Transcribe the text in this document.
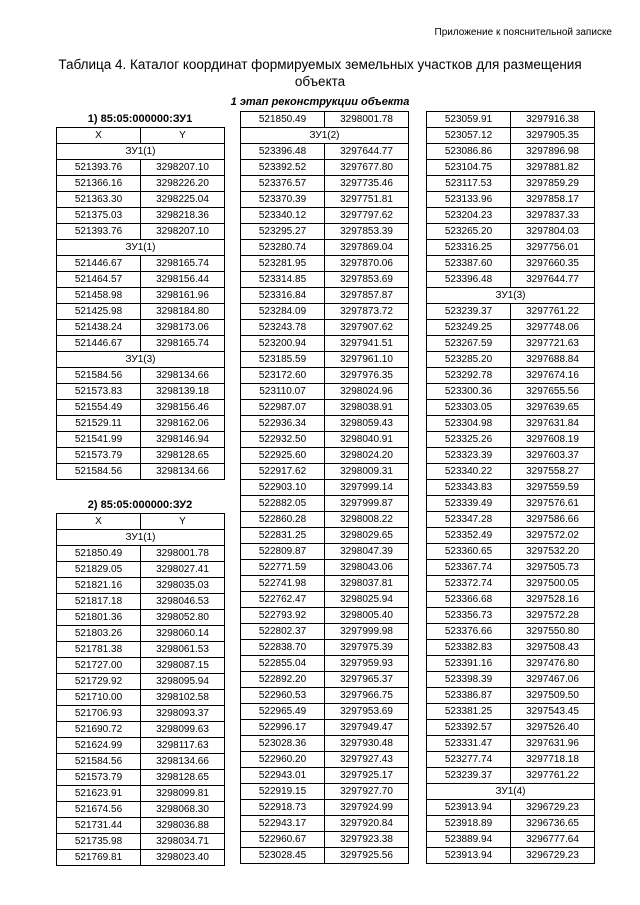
Приложение к пояснительной записке
Таблица 4. Каталог координат формируемых земельных участков для размещения объекта
1 этап реконструкции объекта
1) 85:05:000000:ЗУ1
X	Y
ЗУ1(1)	
521393.76	3298207.10
521366.16	3298226.20
521363.30	3298225.04
521375.03	3298218.36
521393.76	3298207.10
ЗУ1(1)	
521446.67	3298165.74
521464.57	3298156.44
521458.98	3298161.96
521425.98	3298184.80
521438.24	3298173.06
521446.67	3298165.74
ЗУ1(3)	
521584.56	3298134.66
521573.83	3298139.18
521554.49	3298156.46
521529.11	3298162.06
521541.99	3298146.94
521573.79	3298128.65
521584.56	3298134.66
2) 85:05:000000:ЗУ2
X	Y
ЗУ1(1)	
521850.49	3298001.78
521829.05	3298027.41
521821.16	3298035.03
521817.18	3298046.53
521801.36	3298052.80
521803.26	3298060.14
521781.38	3298061.53
521727.00	3298087.15
521729.92	3298095.94
521710.00	3298102.58
521706.93	3298093.37
521690.72	3298099.63
521624.99	3298117.63
521584.56	3298134.66
521573.79	3298128.65
521623.91	3298099.81
521674.56	3298068.30
521731.44	3298036.88
521735.98	3298034.71
521769.81	3298023.40
521850.49	3298001.78
ЗУ1(2)	
523396.48	3297644.77
523392.52	3297677.80
523376.57	3297735.46
523370.39	3297751.81
523340.12	3297797.62
523295.27	3297853.39
523280.74	3297869.04
523281.95	3297870.06
523314.85	3297853.69
523316.84	3297857.87
523284.09	3297873.72
523243.78	3297907.62
523200.94	3297941.51
523185.59	3297961.10
523172.60	3297976.35
523110.07	3298024.96
522987.07	3298038.91
522936.34	3298059.43
522932.50	3298040.91
522925.60	3298024.20
522917.62	3298009.31
522903.10	3297999.14
522882.05	3297999.87
522860.28	3298008.22
522831.25	3298029.65
522809.87	3298047.39
522771.59	3298043.06
522741.98	3298037.81
522762.47	3298025.94
522793.92	3298005.40
522802.37	3297999.98
522838.70	3297975.39
522855.04	3297959.93
522892.20	3297965.37
522960.53	3297966.75
522965.49	3297953.69
522996.17	3297949.47
523028.36	3297930.48
522960.20	3297927.43
522943.01	3297925.17
522919.15	3297927.70
522918.73	3297924.99
522943.17	3297920.84
522960.67	3297923.38
523028.45	3297925.56
523059.91	3297916.38
523057.12	3297905.35
523086.86	3297896.98
523104.75	3297881.82
523117.53	3297859.29
523133.96	3297858.17
523204.23	3297837.33
523265.20	3297804.03
523316.25	3297756.01
523387.60	3297660.35
523396.48	3297644.77
ЗУ1(3)	
523239.37	3297761.22
523249.25	3297748.06
523267.59	3297721.63
523285.20	3297688.84
523292.78	3297674.16
523300.36	3297655.56
523303.05	3297639.65
523304.98	3297631.84
523325.26	3297608.19
523323.39	3297603.37
523340.22	3297558.27
523343.83	3297559.59
523339.49	3297576.61
523347.28	3297586.66
523352.49	3297572.02
523360.65	3297532.20
523367.74	3297505.73
523372.74	3297500.05
523366.68	3297528.16
523356.73	3297572.28
523376.66	3297550.80
523382.83	3297508.43
523391.16	3297476.80
523398.39	3297467.06
523386.87	3297509.50
523381.25	3297543.45
523392.57	3297526.40
523331.47	3297631.96
523277.74	3297718.18
523239.37	3297761.22
ЗУ1(4)	
523913.94	3296729.23
523918.89	3296736.65
523889.94	3296777.64
523913.94	3296729.23
